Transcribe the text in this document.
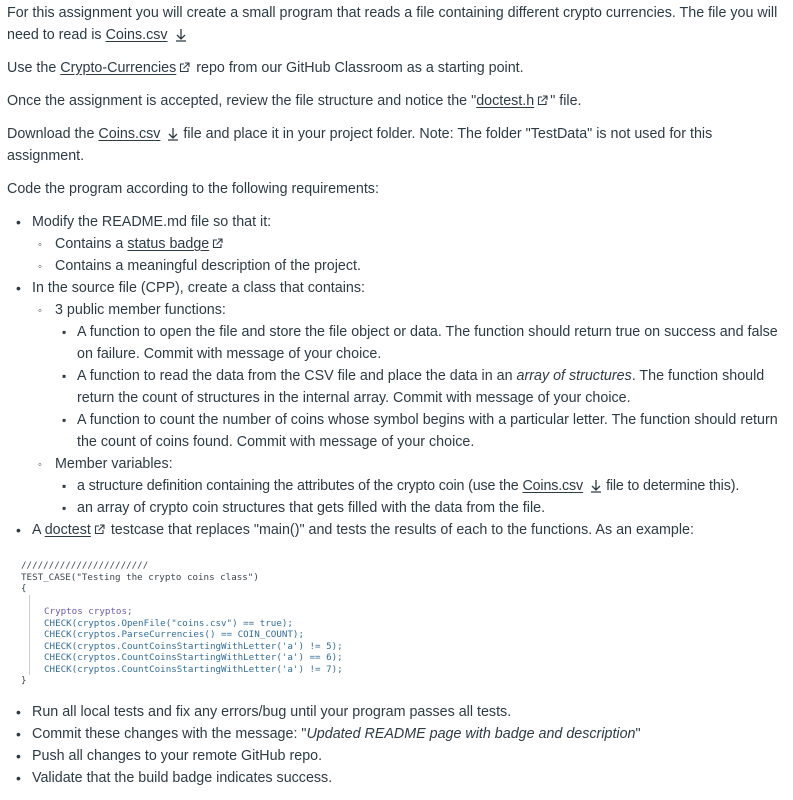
For this assignment you will create a small program that reads a file containing different crypto currencies. The file you will need to read is Coins.csv

Use the Crypto-Currencies repo from our GitHub Classroom as a starting point.

Once the assignment is accepted, review the file structure and notice the "doctest.h " file.

Download the Coins.csv file and place it in your project folder. Note: The folder "TestData" is not used for this assignment.

Code the program according to the following requirements:

• Modify the README.md file so that it:
◦ Contains a status badge
◦ Contains a meaningful description of the project.
• In the source file (CPP), create a class that contains:
◦ 3 public member functions:
▪ A function to open the file and store the file object or data. The function should return true on success and false on failure. Commit with message of your choice.
▪ A function to read the data from the CSV file and place the data in an array of structures. The function should return the count of structures in the internal array. Commit with message of your choice.
▪ A function to count the number of coins whose symbol begins with a particular letter. The function should return the count of coins found. Commit with message of your choice.
◦ Member variables:
▪ a structure definition containing the attributes of the crypto coin (use the Coins.csv file to determine this).
▪ an array of crypto coin structures that gets filled with the data from the file.
• A doctest testcase that replaces "main()" and tests the results of each to the functions. As an example:
///////////////////////
TEST_CASE("Testing the crypto coins class")
{

Cryptos cryptos;
CHECK(cryptos.OpenFile("coins.csv") == true);
CHECK(cryptos.ParseCurrencies() == COIN_COUNT);
CHECK(cryptos.CountCoinsStartingWithLetter('a') != 5);
CHECK(cryptos.CountCoinsStartingWithLetter('a') == 6);
CHECK(cryptos.CountCoinsStartingWithLetter('a') != 7);

}
• Run all local tests and fix any errors/bug until your program passes all tests.
• Commit these changes with the message: "Updated README page with badge and description"
• Push all changes to your remote GitHub repo.
• Validate that the build badge indicates success.
